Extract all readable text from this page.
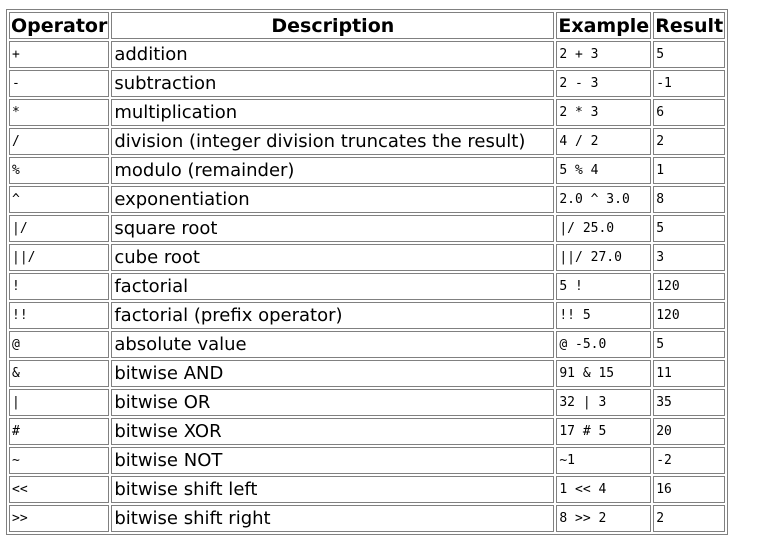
Operator	Description	Example	Result
+	addition	2 + 3	5
-	subtraction	2 - 3	-1
*	multiplication	2 * 3	6
/	division (integer division truncates the result)	4 / 2	2
%	modulo (remainder)	5 % 4	1
^	exponentiation	2.0 ^ 3.0	8
|/	square root	|/ 25.0	5
||/	cube root	||/ 27.0	3
!	factorial	5 !	120
!!	factorial (prefix operator)	!! 5	120
@	absolute value	@ -5.0	5
&	bitwise AND	91 & 15	11
|	bitwise OR	32 | 3	35
#	bitwise XOR	17 # 5	20
~	bitwise NOT	~1	-2
<<	bitwise shift left	1 << 4	16
>>	bitwise shift right	8 >> 2	2
